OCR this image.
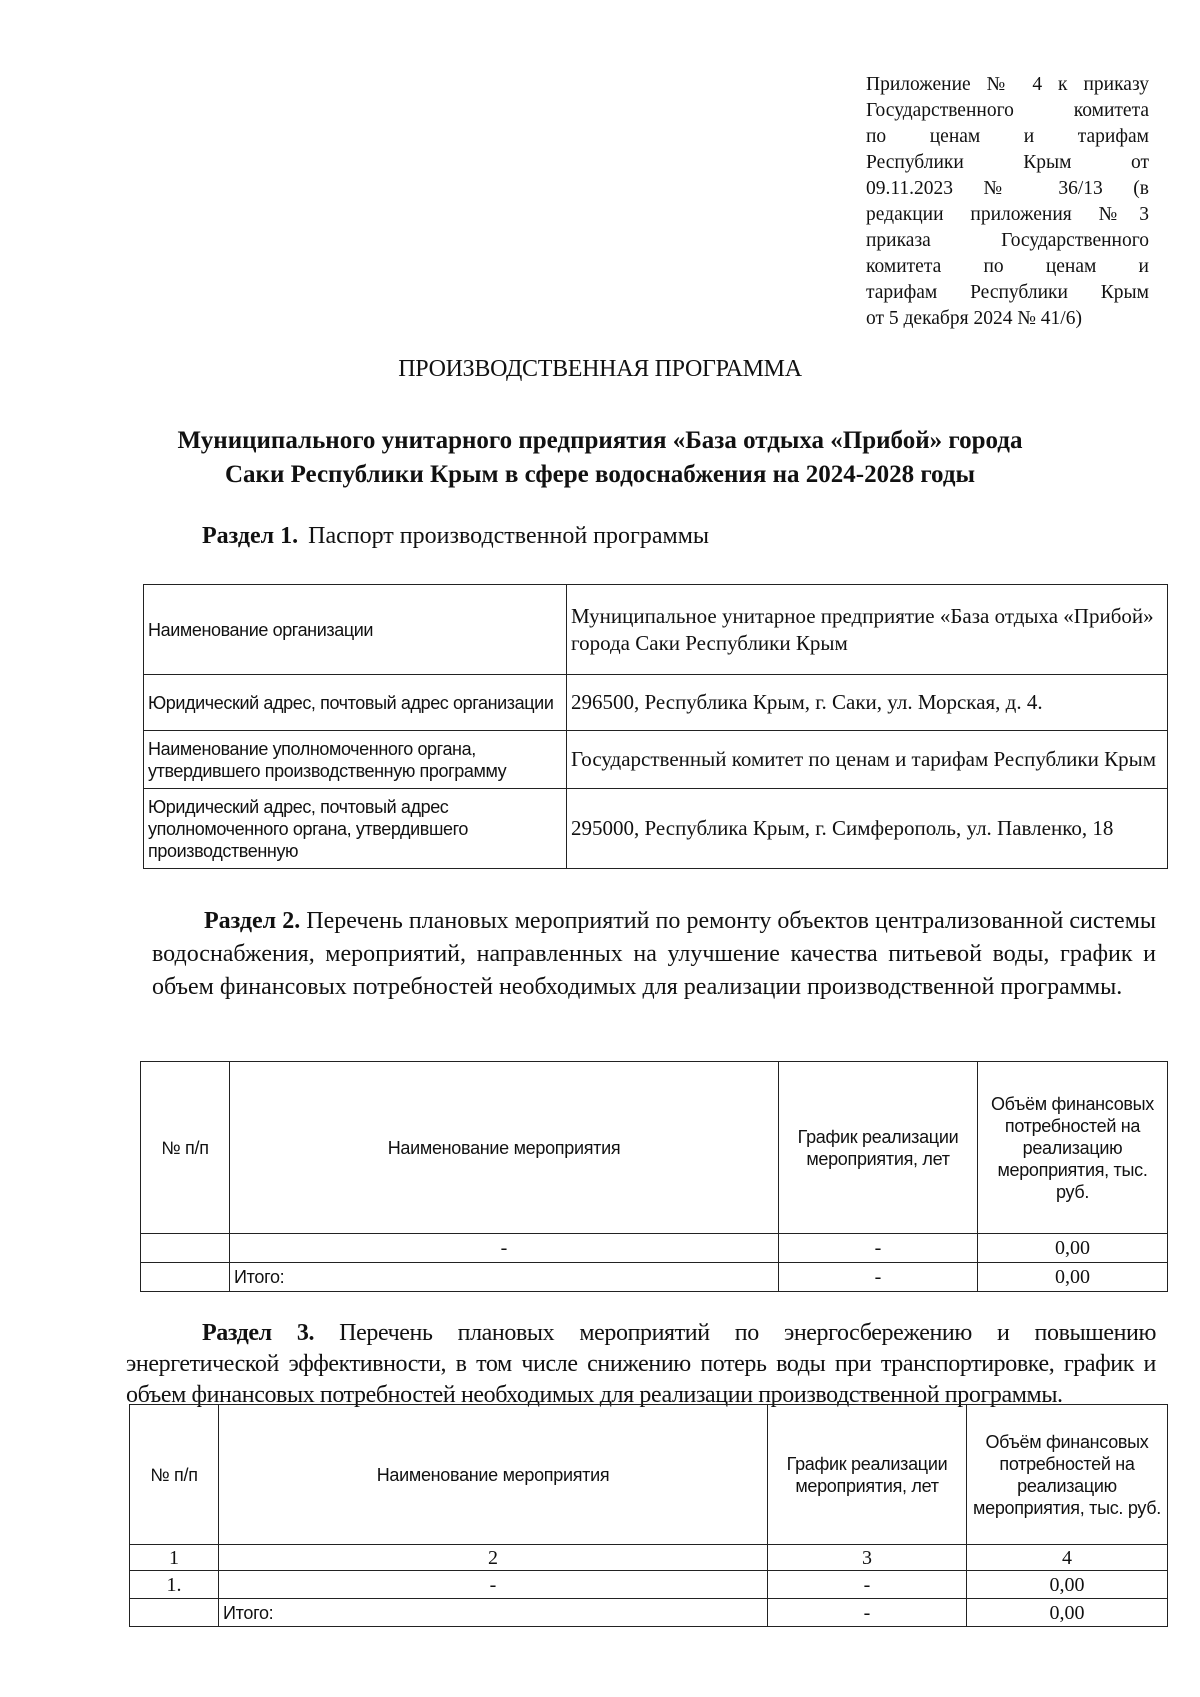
Приложение № 4 к приказу
Государственного комитета
по ценам и тарифам
Республики Крым от
09.11.2023 № 36/13 (в
редакции приложения №3
приказа Государственного
комитета по ценам и
тарифам Республики Крым
от 5 декабря 2024 № 41/6)
ПРОИЗВОДСТВЕННАЯ ПРОГРАММА
Муниципального унитарного предприятия «База отдыха «Прибой» города
Саки Республики Крым в сфере водоснабжения на 2024-2028 годы
Раздел 1. Паспорт производственной программы
Наименование организации	Муниципальное унитарное предприятие «База отдыха «Прибой» города Саки Республики Крым
Юридический адрес, почтовый адрес организации	296500, Республика Крым, г. Саки, ул. Морская, д. 4.
Наименование уполномоченного органа, утвердившего производственную программу	Государственный комитет по ценам и тарифам Республики Крым
Юридический адрес, почтовый адрес уполномоченного органа, утвердившего производственную	295000, Республика Крым, г. Симферополь, ул. Павленко, 18
Раздел 2. Перечень плановых мероприятий по ремонту объектов централизованной системы водоснабжения, мероприятий, направленных на улучшение качества питьевой воды, график и объем финансовых потребностей необходимых для реализации производственной программы.
№ п/п	Наименование мероприятия	График реализации мероприятия, лет	Объём финансовых потребностей на реализацию мероприятия, тыс. руб.
	-	-	0,00
	Итого:	-	0,00
Раздел 3. Перечень плановых мероприятий по энергосбережению и повышению энергетической эффективности, в том числе снижению потерь воды при транспортировке, график и объем финансовых потребностей необходимых для реализации производственной программы.
№ п/п	Наименование мероприятия	График реализации мероприятия, лет	Объём финансовых потребностей на реализацию мероприятия, тыс. руб.
1	2	3	4
1.	-	-	0,00
	Итого:	-	0,00
